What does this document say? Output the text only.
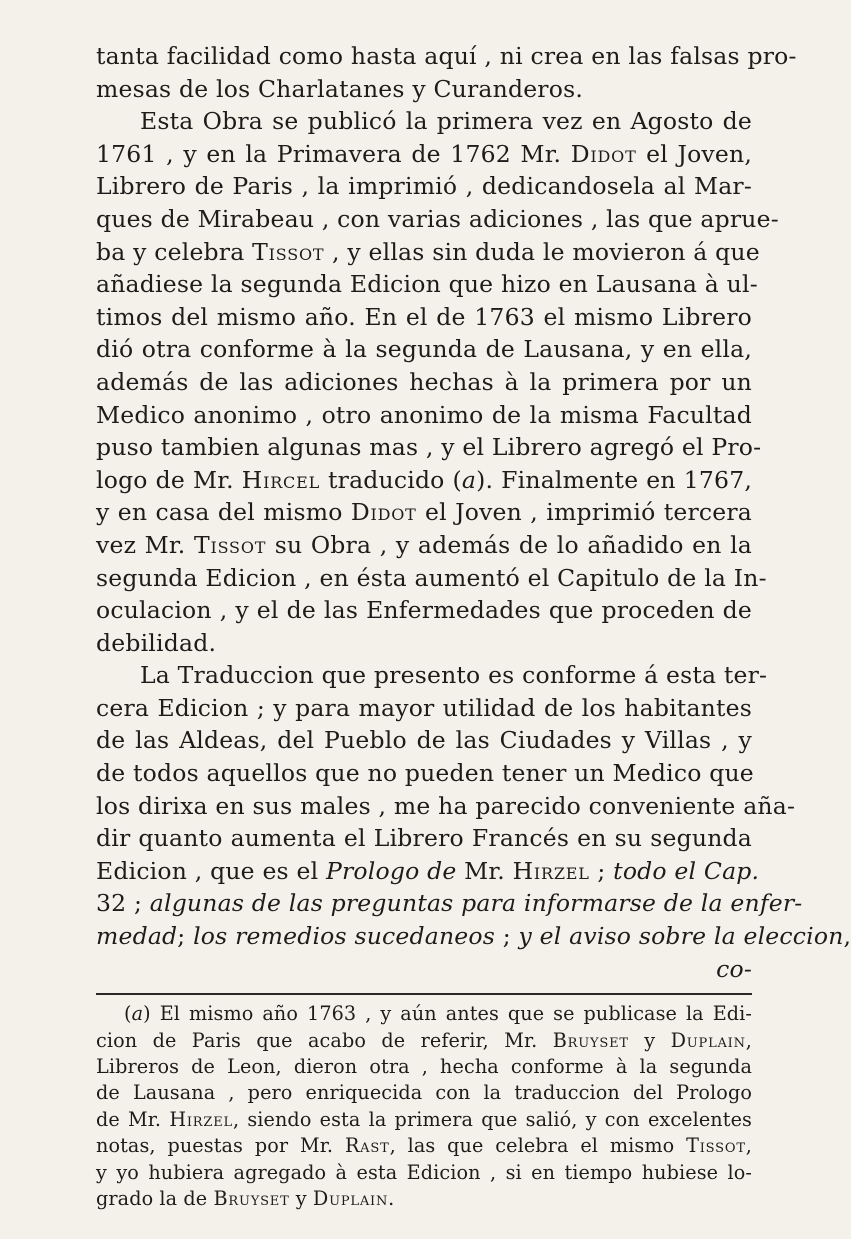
tanta facilidad como hasta aquí , ni crea en las falsas pro-
mesas de los Charlatanes y Curanderos.
Esta Obra se publicó la primera vez en Agosto de
1761 , y en la Primavera de 1762 Mr. Didot el Joven,
Librero de Paris , la imprimió , dedicandosela al Mar-
ques de Mirabeau , con varias adiciones , las que aprue-
ba y celebra Tissot , y ellas sin duda le movieron á que
añadiese la segunda Edicion que hizo en Lausana à ul-
timos del mismo año. En el de 1763 el mismo Librero
dió otra conforme à la segunda de Lausana, y en ella,
además de las adiciones hechas à la primera por un
Medico anonimo , otro anonimo de la misma Facultad
puso tambien algunas mas , y el Librero agregó el Pro-
logo de Mr. Hircel traducido (a). Finalmente en 1767,
y en casa del mismo Didot el Joven , imprimió tercera
vez Mr. Tissot su Obra , y además de lo añadido en la
segunda Edicion , en ésta aumentó el Capitulo de la In-
oculacion , y el de las Enfermedades que proceden de
debilidad.
La Traduccion que presento es conforme á esta ter-
cera Edicion ; y para mayor utilidad de los habitantes
de las Aldeas, del Pueblo de las Ciudades y Villas , y
de todos aquellos que no pueden tener un Medico que
los dirixa en sus males , me ha parecido conveniente aña-
dir quanto aumenta el Librero Francés en su segunda
Edicion , que es el Prologo de Mr. Hirzel ; todo el Cap.
32 ; algunas de las preguntas para informarse de la enfer-
medad; los remedios sucedaneos ; y el aviso sobre la eleccion,
co-
(a) El mismo año 1763 , y aún antes que se publicase la Edi-
cion de Paris que acabo de referir, Mr. Bruyset y Duplain,
Libreros de Leon, dieron otra , hecha conforme à la segunda
de Lausana , pero enriquecida con la traduccion del Prologo
de Mr. Hirzel, siendo esta la primera que salió, y con excelentes
notas, puestas por Mr. Rast, las que celebra el mismo Tissot,
y yo hubiera agregado à esta Edicion , si en tiempo hubiese lo-
grado la de Bruyset y Duplain.
